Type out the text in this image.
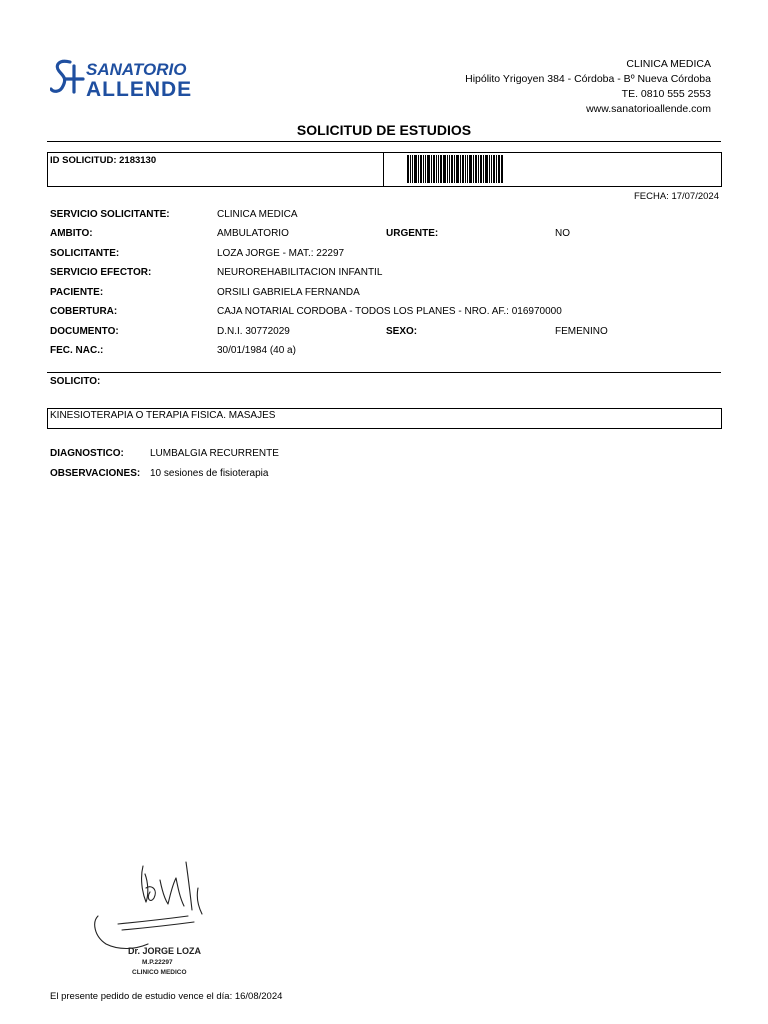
SANATORIO
ALLENDE
CLINICA MEDICA
Hipólito Yrigoyen 384 - Córdoba - Bº Nueva Córdoba
TE. 0810 555 2553
www.sanatorioallende.com
SOLICITUD DE ESTUDIOS
ID SOLICITUD: 2183130
FECHA: 17/07/2024
SERVICIO SOLICITANTE:	CLINICA MEDICA
AMBITO:	AMBULATORIO	URGENTE:	NO
SOLICITANTE:	LOZA JORGE - MAT.: 22297
SERVICIO EFECTOR:	NEUROREHABILITACION INFANTIL
PACIENTE:	ORSILI GABRIELA FERNANDA
COBERTURA:	CAJA NOTARIAL CORDOBA - TODOS LOS PLANES - NRO. AF.: 016970000
DOCUMENTO:	D.N.I. 30772029	SEXO:	FEMENINO
FEC. NAC.:	30/01/1984 (40 a)
SOLICITO:
KINESIOTERAPIA O TERAPIA FISICA. MASAJES
DIAGNOSTICO:	LUMBALGIA RECURRENTE
OBSERVACIONES: 10 sesiones de fisioterapia
Dr. JORGE LOZA
M.P.22297
CLINICO MEDICO
El presente pedido de estudio vence el día: 16/08/2024
